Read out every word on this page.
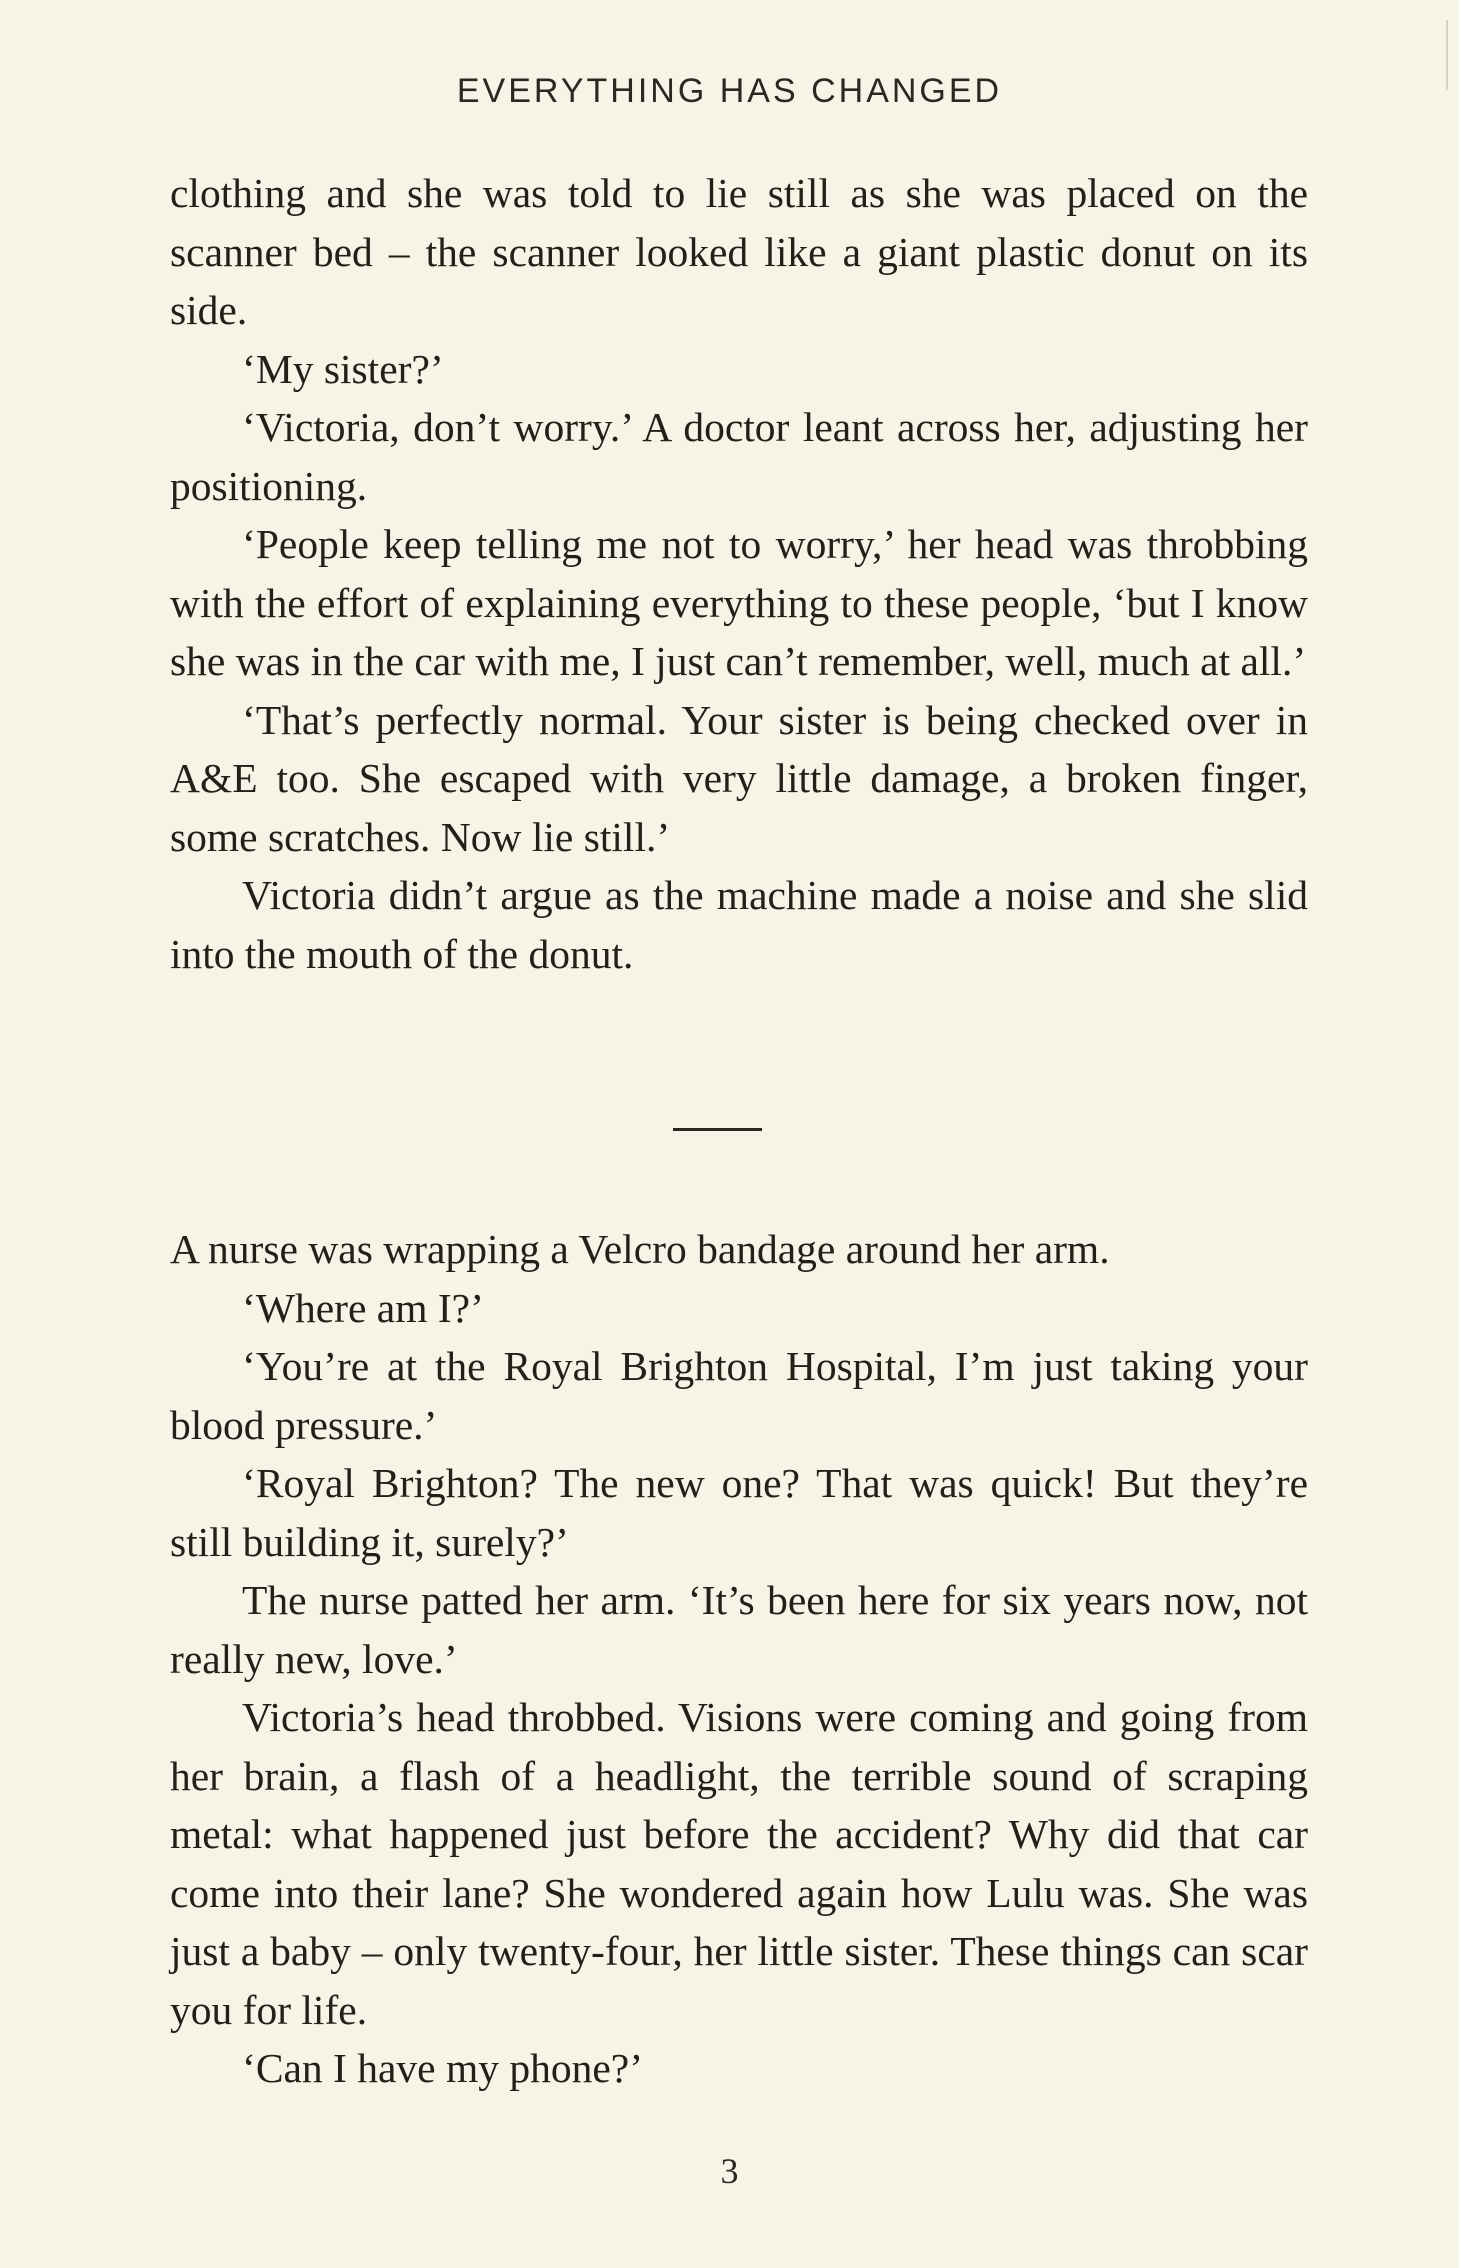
EVERYTHING HAS CHANGED

clothing and she was told to lie still as she was placed on the scanner bed – the scanner looked like a giant plastic donut on its side.

‘My sister?’

‘Victoria, don’t worry.’ A doctor leant across her, adjusting her positioning.

‘People keep telling me not to worry,’ her head was throbbing with the effort of explaining everything to these people, ‘but I know she was in the car with me, I just can’t remember, well, much at all.’

‘That’s perfectly normal. Your sister is being checked over in A&E too. She escaped with very little damage, a broken finger, some scratches. Now lie still.’

Victoria didn’t argue as the machine made a noise and she slid into the mouth of the donut.

A nurse was wrapping a Velcro bandage around her arm.

‘Where am I?’

‘You’re at the Royal Brighton Hospital, I’m just taking your blood pressure.’

‘Royal Brighton? The new one? That was quick! But they’re still building it, surely?’

The nurse patted her arm. ‘It’s been here for six years now, not really new, love.’

Victoria’s head throbbed. Visions were coming and going from her brain, a flash of a headlight, the terrible sound of scraping metal: what happened just before the accident? Why did that car come into their lane? She wondered again how Lulu was. She was just a baby – only twenty-four, her little sister. These things can scar you for life.

‘Can I have my phone?’

3
